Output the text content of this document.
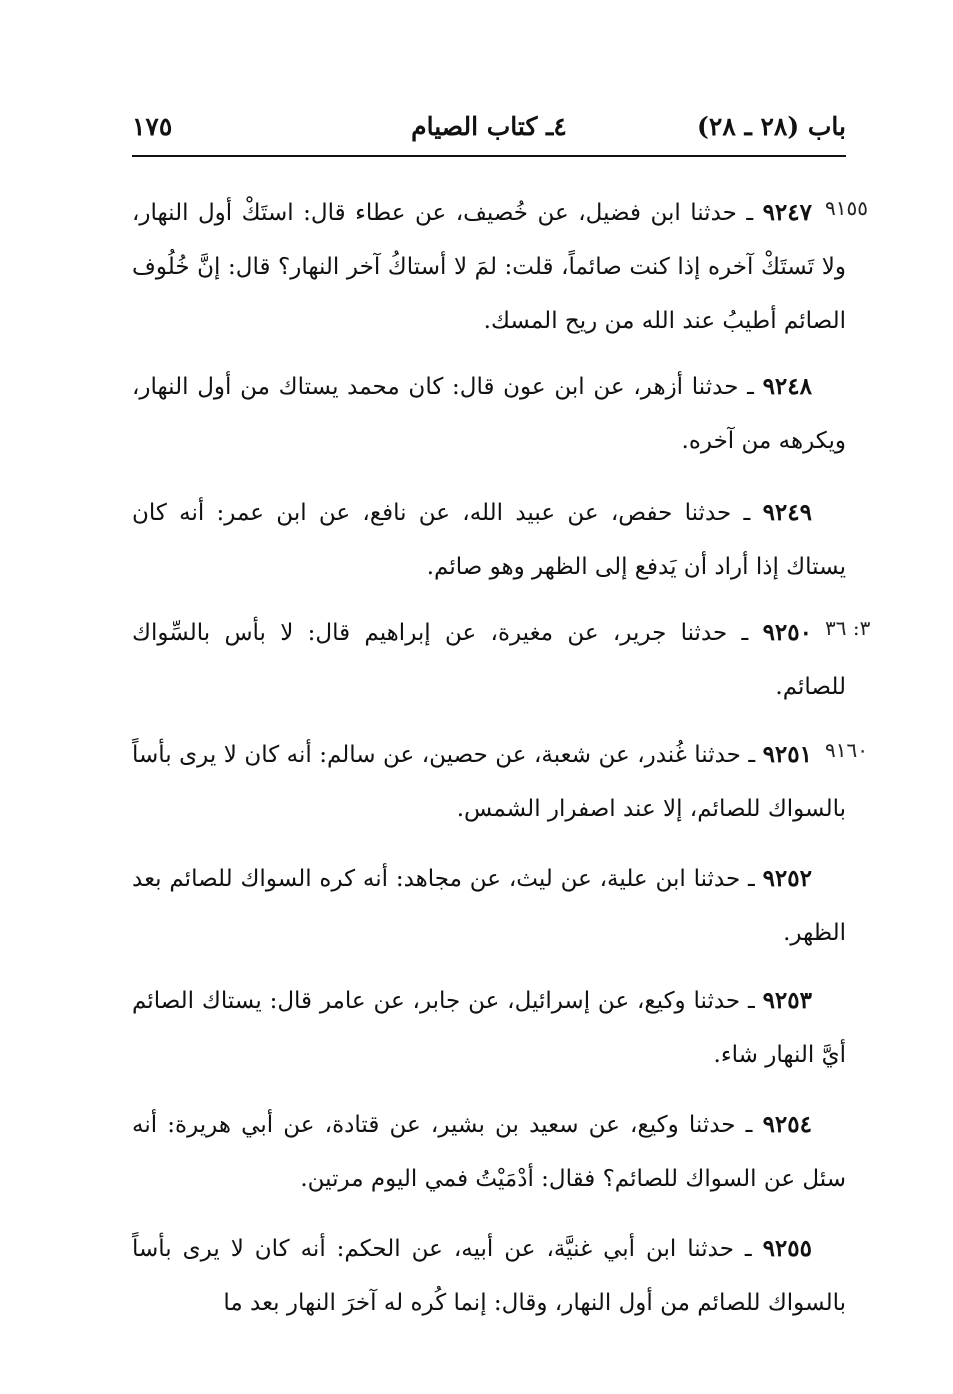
باب (٢٨ ـ ٢٨)
٤ـ كتاب الصيام
١٧٥
٩١٥٥
٣: ٣٦
٩١٦٠
٩٢٤٧ ـ حدثنا ابن فضيل، عن خُصيف، عن عطاء قال: استَكْ أول النهار، ولا تَستَكْ آخره إذا كنت صائماً، قلت: لمَ لا أستاكُ آخر النهار؟ قال: إنَّ خُلُوف الصائم أطيبُ عند الله من ريح المسك.
٩٢٤٨ ـ حدثنا أزهر، عن ابن عون قال: كان محمد يستاك من أول النهار، ويكرهه من آخره.
٩٢٤٩ ـ حدثنا حفص، عن عبيد الله، عن نافع، عن ابن عمر: أنه كان يستاك إذا أراد أن يَدفع إلى الظهر وهو صائم.
٩٢٥٠ ـ حدثنا جرير، عن مغيرة، عن إبراهيم قال: لا بأس بالسِّواك للصائم.
٩٢٥١ ـ حدثنا غُندر، عن شعبة، عن حصين، عن سالم: أنه كان لا يرى بأساً بالسواك للصائم، إلا عند اصفرار الشمس.
٩٢٥٢ ـ حدثنا ابن علية، عن ليث، عن مجاهد: أنه كره السواك للصائم بعد الظهر.
٩٢٥٣ ـ حدثنا وكيع، عن إسرائيل، عن جابر، عن عامر قال: يستاك الصائم أيَّ النهار شاء.
٩٢٥٤ ـ حدثنا وكيع، عن سعيد بن بشير، عن قتادة، عن أبي هريرة: أنه سئل عن السواك للصائم؟ فقال: أدْمَيْتُ فمي اليوم مرتين.
٩٢٥٥ ـ حدثنا ابن أبي غنيَّة، عن أبيه، عن الحكم: أنه كان لا يرى بأساً بالسواك للصائم من أول النهار، وقال: إنما كُره له آخرَ النهار بعد ما
